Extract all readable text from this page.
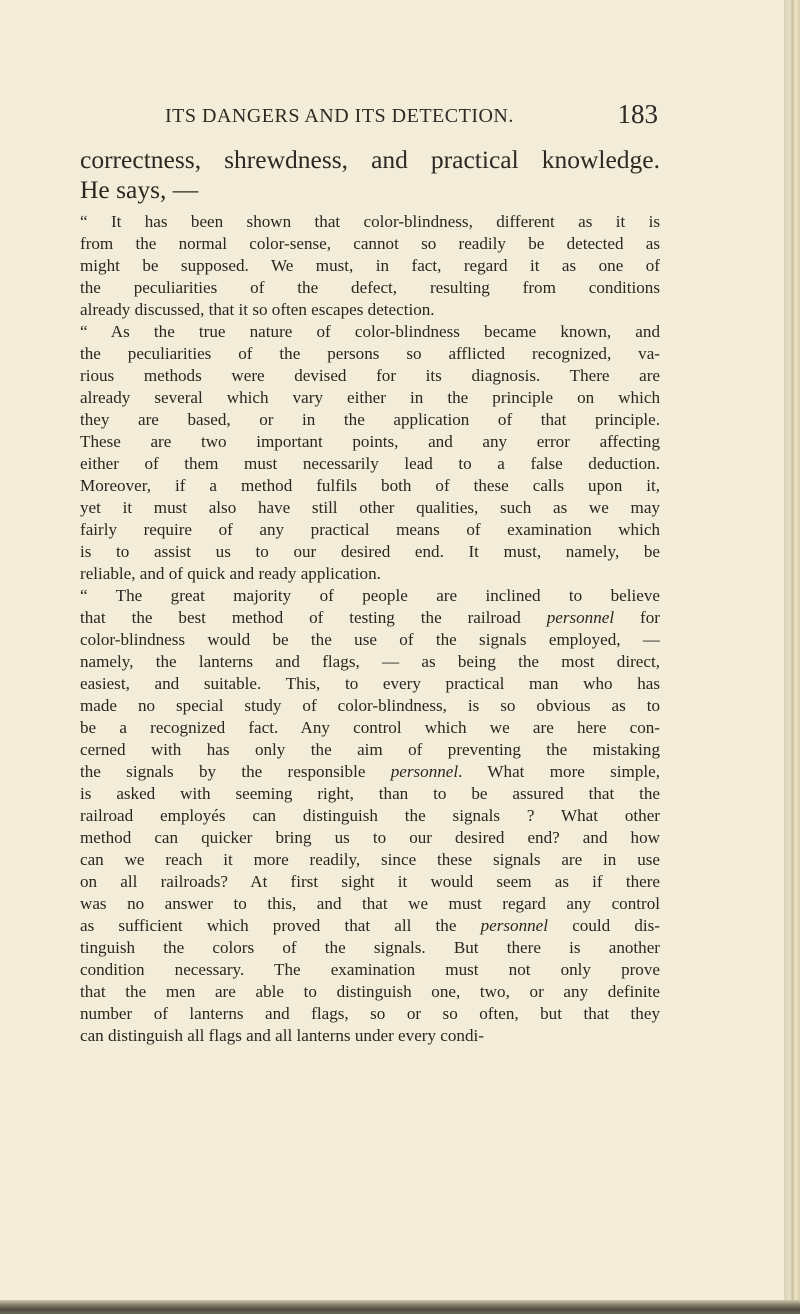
ITS DANGERS AND ITS DETECTION.	183
correctness, shrewdness, and practical knowledge.
He says, —
“ It has been shown that color-blindness, different as it is
from the normal color-sense, cannot so readily be detected as
might be supposed. We must, in fact, regard it as one of
the peculiarities of the defect, resulting from conditions
already discussed, that it so often escapes detection.
“ As the true nature of color-blindness became known, and
the peculiarities of the persons so afflicted recognized, va-
rious methods were devised for its diagnosis. There are
already several which vary either in the principle on which
they are based, or in the application of that principle.
These are two important points, and any error affecting
either of them must necessarily lead to a false deduction.
Moreover, if a method fulfils both of these calls upon it,
yet it must also have still other qualities, such as we may
fairly require of any practical means of examination which
is to assist us to our desired end. It must, namely, be
reliable, and of quick and ready application.
“ The great majority of people are inclined to believe
that the best method of testing the railroad personnel for
color-blindness would be the use of the signals employed, —
namely, the lanterns and flags, — as being the most direct,
easiest, and suitable. This, to every practical man who has
made no special study of color-blindness, is so obvious as to
be a recognized fact. Any control which we are here con-
cerned with has only the aim of preventing the mistaking
the signals by the responsible personnel. What more simple,
is asked with seeming right, than to be assured that the
railroad employés can distinguish the signals ? What other
method can quicker bring us to our desired end? and how
can we reach it more readily, since these signals are in use
on all railroads? At first sight it would seem as if there
was no answer to this, and that we must regard any control
as sufficient which proved that all the personnel could dis-
tinguish the colors of the signals. But there is another
condition necessary. The examination must not only prove
that the men are able to distinguish one, two, or any definite
number of lanterns and flags, so or so often, but that they
can distinguish all flags and all lanterns under every condi-
